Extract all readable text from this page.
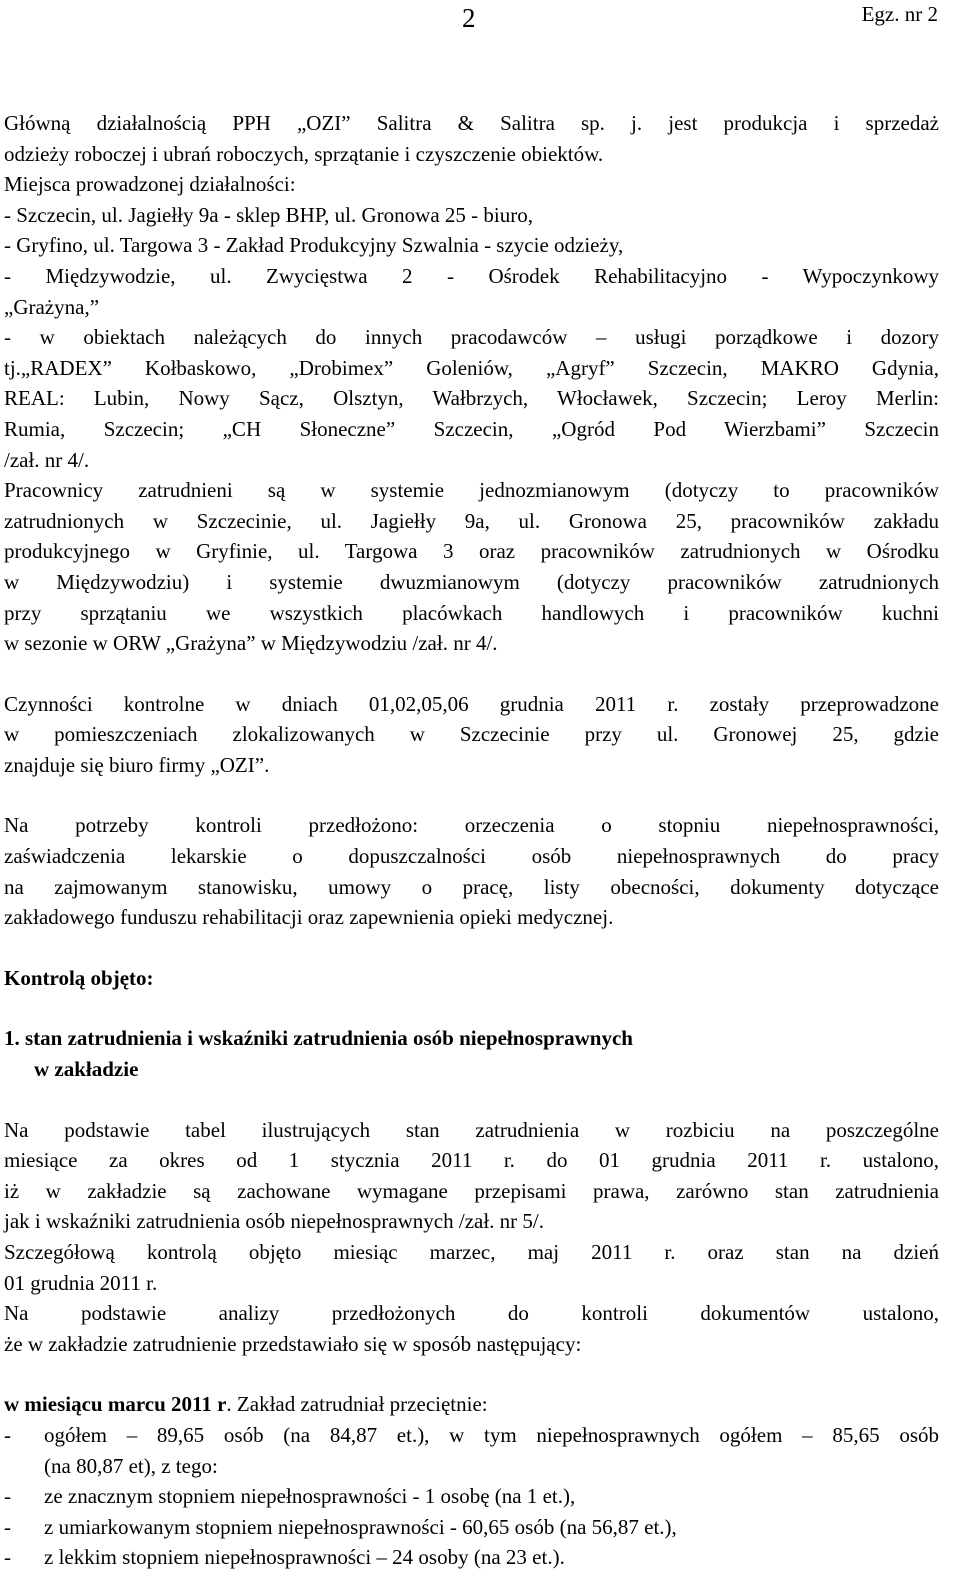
2	Egz. nr 2

Główną działalnością PPH „OZI” Salitra & Salitra sp. j. jest produkcja i sprzedaż

odzieży roboczej i ubrań roboczych, sprzątanie i czyszczenie obiektów.

Miejsca prowadzonej działalności:

- Szczecin, ul. Jagiełły 9a - sklep BHP, ul. Gronowa 25 - biuro,

- Gryfino, ul. Targowa 3 - Zakład Produkcyjny Szwalnia - szycie odzieży,

- Międzywodzie, ul. Zwycięstwa 2 - Ośrodek Rehabilitacyjno - Wypoczynkowy

„Grażyna,”

- w obiektach należących do innych pracodawców – usługi porządkowe i dozory

tj.„RADEX” Kołbaskowo, „Drobimex” Goleniów, „Agryf” Szczecin, MAKRO Gdynia,

REAL: Lubin, Nowy Sącz, Olsztyn, Wałbrzych, Włocławek, Szczecin; Leroy Merlin:

Rumia, Szczecin; „CH Słoneczne” Szczecin, „Ogród Pod Wierzbami” Szczecin

/zał. nr 4/.

Pracownicy zatrudnieni są w systemie jednozmianowym (dotyczy to pracowników

zatrudnionych w Szczecinie, ul. Jagiełły 9a, ul. Gronowa 25, pracowników zakładu

produkcyjnego w Gryfinie, ul. Targowa 3 oraz pracowników zatrudnionych w Ośrodku

w Międzywodziu) i systemie dwuzmianowym (dotyczy pracowników zatrudnionych

przy sprzątaniu we wszystkich placówkach handlowych i pracowników kuchni

w sezonie w ORW „Grażyna” w Międzywodziu /zał. nr 4/.

Czynności kontrolne w dniach 01,02,05,06 grudnia 2011 r. zostały przeprowadzone

w pomieszczeniach zlokalizowanych w Szczecinie przy ul. Gronowej 25, gdzie

znajduje się biuro firmy „OZI”.

Na potrzeby kontroli przedłożono: orzeczenia o stopniu niepełnosprawności,

zaświadczenia lekarskie o dopuszczalności osób niepełnosprawnych do pracy

na zajmowanym stanowisku, umowy o pracę, listy obecności, dokumenty dotyczące

zakładowego funduszu rehabilitacji oraz zapewnienia opieki medycznej.

Kontrolą objęto:

1. stan zatrudnienia i wskaźniki zatrudnienia osób niepełnosprawnych

w zakładzie

Na podstawie tabel ilustrujących stan zatrudnienia w rozbiciu na poszczególne

miesiące za okres od 1 stycznia 2011 r. do 01 grudnia 2011 r. ustalono,

iż w zakładzie są zachowane wymagane przepisami prawa, zarówno stan zatrudnienia

jak i wskaźniki zatrudnienia osób niepełnosprawnych /zał. nr 5/.

Szczegółową kontrolą objęto miesiąc marzec, maj 2011 r. oraz stan na dzień

01 grudnia 2011 r.

Na podstawie analizy przedłożonych do kontroli dokumentów ustalono,

że w zakładzie zatrudnienie przedstawiało się w sposób następujący:

w miesiącu marcu 2011 r. Zakład zatrudniał przeciętnie:

-	ogółem – 89,65 osób (na 84,87 et.), w tym niepełnosprawnych ogółem – 85,65 osób
(na 80,87 et), z tego:
-	ze znacznym stopniem niepełnosprawności - 1 osobę (na 1 et.),
-	z umiarkowanym stopniem niepełnosprawności - 60,65 osób (na 56,87 et.),
-	z lekkim stopniem niepełnosprawności – 24 osoby (na 23 et.).
